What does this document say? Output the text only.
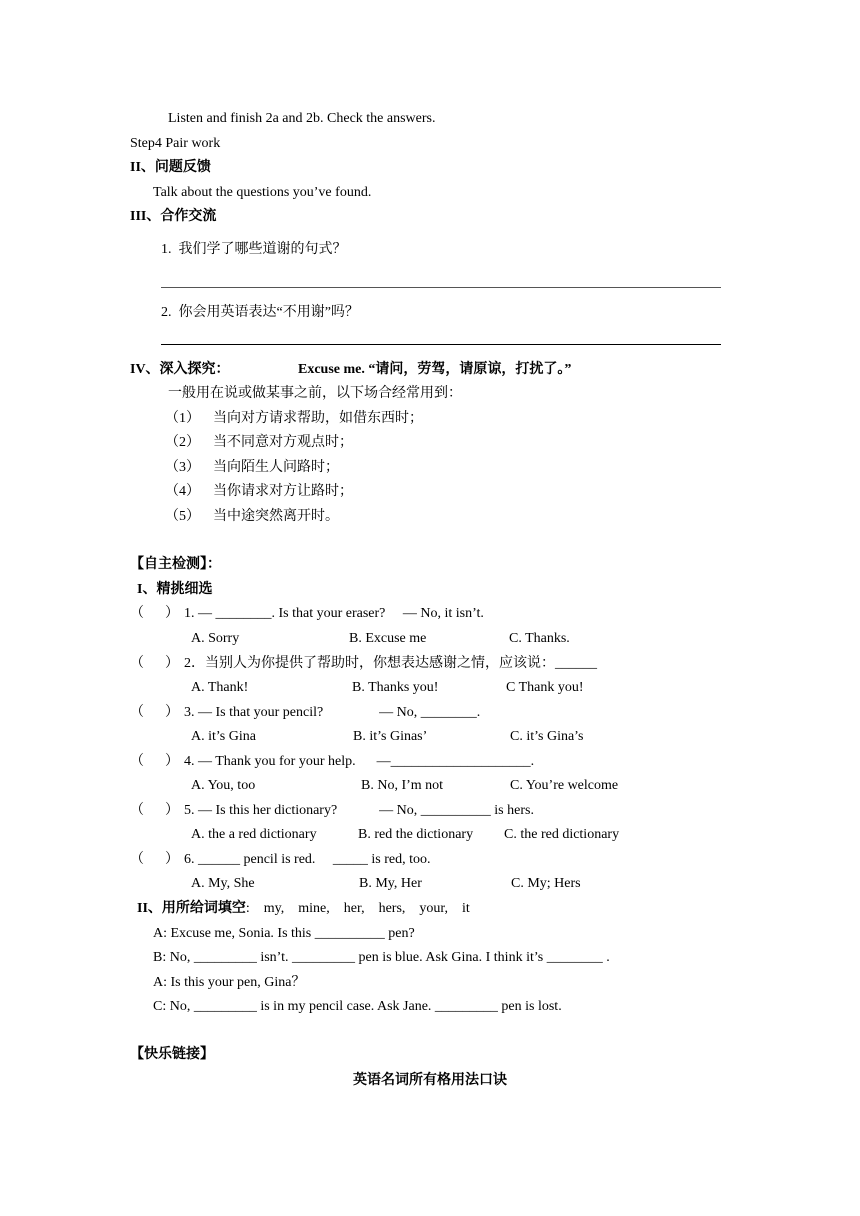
Listen and finish 2a and 2b. Check the answers.
Step4 Pair work
II、问题反馈
Talk about the questions you’ve found.
III、合作交流
1.  我们学了哪些道谢的句式？
2.  你会用英语表达“不用谢”吗？
IV、深入探究：	Excuse me. “请问，劳驾，请原谅，打扰了。”
一般用在说或做某事之前，以下场合经常用到：
（1） 当向对方请求帮助，如借东西时；
（2） 当不同意对方观点时；
（3） 当向陌生人问路时；
（4） 当你请求对方让路时；
（5） 当中途突然离开时。
【自主检测】：
I、精挑细选
（      ） 1. — ________. Is that your eraser?     — No, it isn’t.
A. Sorry	B. Excuse me	C. Thanks.
（      ） 2．当别人为你提供了帮助时，你想表达感谢之情，应该说：______
A. Thank!	B. Thanks you!	C Thank you!
（      ） 3. — Is that your pencil?                — No, ________.
A. it’s Gina	B. it’s Ginas’	C. it’s Gina’s
（      ） 4. — Thank you for your help.      —____________________.
A. You, too	B. No, I’m not	C. You’re welcome
（      ） 5. — Is this her dictionary?            — No, __________ is hers.
A. the a red dictionary	B. red the dictionary C. the red dictionary
（      ） 6. ______ pencil is red.     _____ is red, too.
A. My, She	B. My, Her	C. My; Hers
II、用所给词填空:    my,    mine,    her,    hers,    your,    it
A: Excuse me, Sonia. Is this __________ pen?
B: No, _________ isn’t. _________ pen is blue. Ask Gina. I think it’s ________ .
A: Is this your pen, Gina？
C: No, _________ is in my pencil case. Ask Jane. _________ pen is lost.
【快乐链接】
英语名词所有格用法口诀
